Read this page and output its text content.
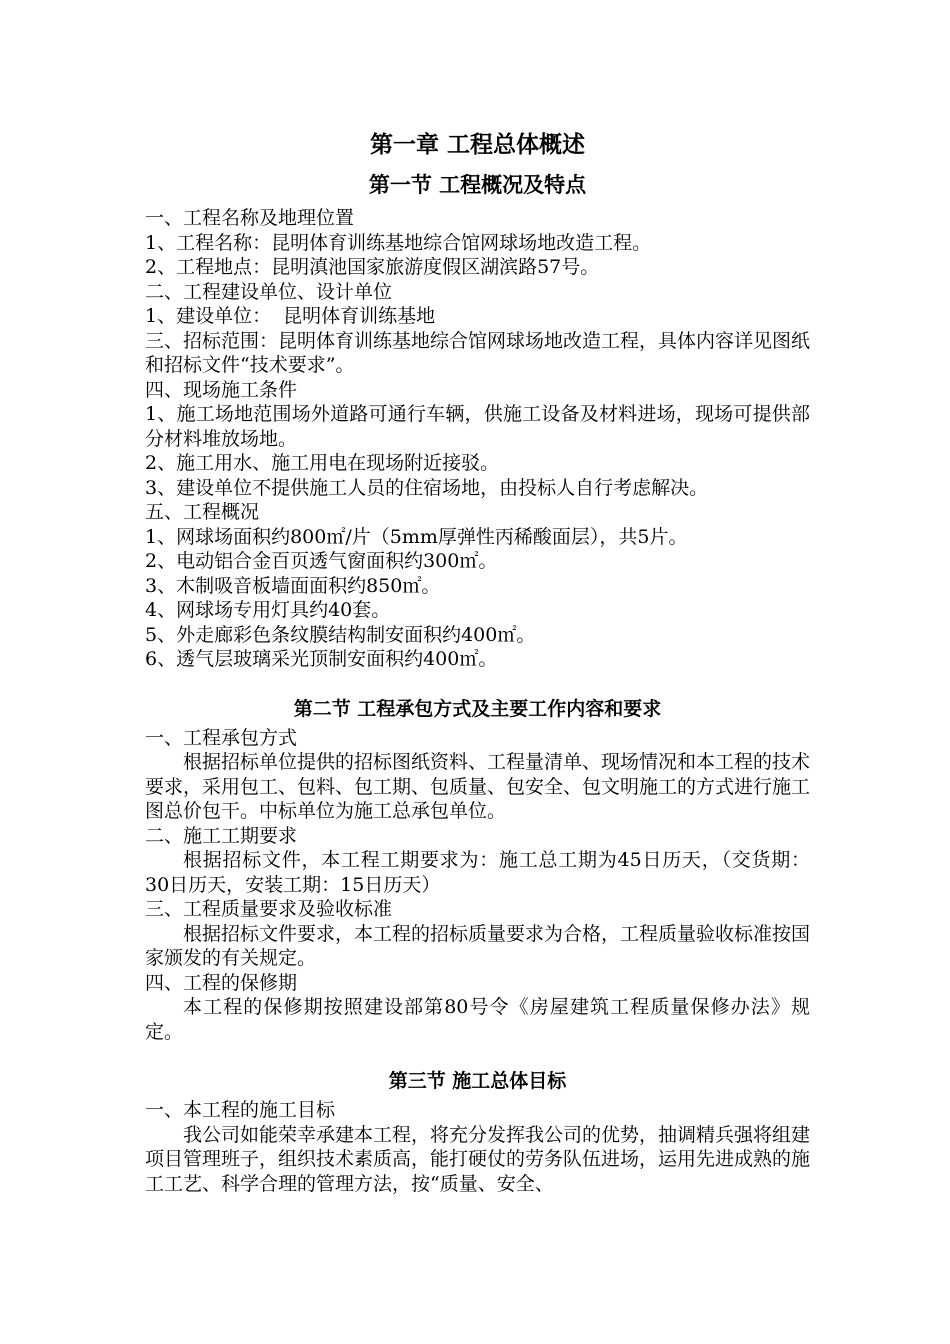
第一章 工程总体概述
第一节 工程概况及特点

一、工程名称及地理位置

1、工程名称：昆明体育训练基地综合馆网球场地改造工程。

2、工程地点：昆明滇池国家旅游度假区湖滨路57号。

二、工程建设单位、设计单位

1、建设单位：  昆明体育训练基地

三、招标范围：昆明体育训练基地综合馆网球场地改造工程，具体内容详见图纸和招标文件“技术要求”。

四、现场施工条件

1、施工场地范围场外道路可通行车辆，供施工设备及材料进场，现场可提供部分材料堆放场地。

2、施工用水、施工用电在现场附近接驳。

3、建设单位不提供施工人员的住宿场地，由投标人自行考虑解决。

五、工程概况

1、网球场面积约800㎡/片（5mm厚弹性丙稀酸面层），共5片。

2、电动铝合金百页透气窗面积约300㎡。

3、木制吸音板墙面面积约850㎡。

4、网球场专用灯具约40套。

5、外走廊彩色条纹膜结构制安面积约400㎡。

6、透气层玻璃采光顶制安面积约400㎡。

第二节 工程承包方式及主要工作内容和要求

一、工程承包方式

根据招标单位提供的招标图纸资料、工程量清单、现场情况和本工程的技术要求，采用包工、包料、包工期、包质量、包安全、包文明施工的方式进行施工图总价包干。中标单位为施工总承包单位。

二、施工工期要求

根据招标文件，本工程工期要求为：施工总工期为45日历天，（交货期：30日历天，安装工期：15日历天）

三、工程质量要求及验收标准

根据招标文件要求，本工程的招标质量要求为合格，工程质量验收标准按国家颁发的有关规定。

四、工程的保修期

本工程的保修期按照建设部第80号令《房屋建筑工程质量保修办法》规定。

第三节 施工总体目标

一、本工程的施工目标

我公司如能荣幸承建本工程，将充分发挥我公司的优势，抽调精兵强将组建项目管理班子，组织技术素质高，能打硬仗的劳务队伍进场，运用先进成熟的施工工艺、科学合理的管理方法，按“质量、安全、
